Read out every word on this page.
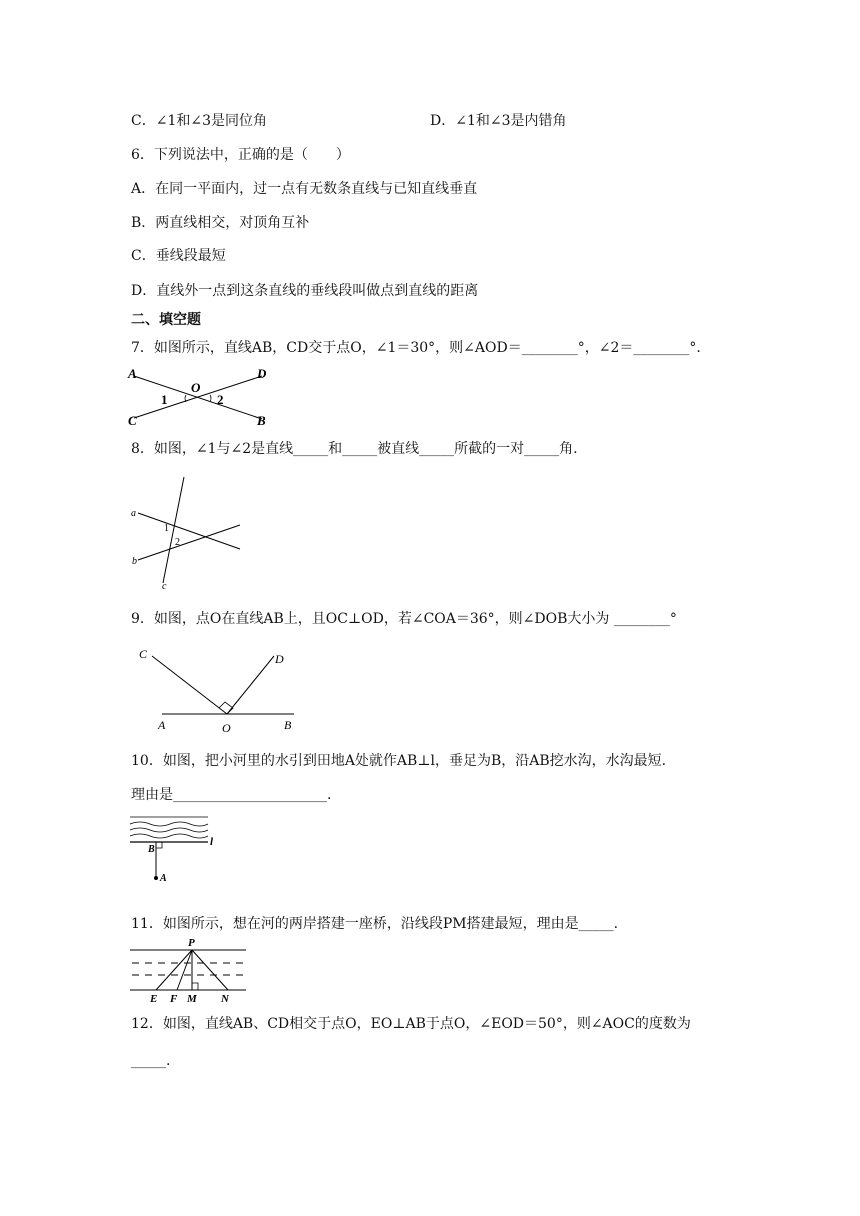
C．∠1和∠3是同位角	D．∠1和∠3是内错角
6．下列说法中，正确的是（　　）
A．在同一平面内，过一点有无数条直线与已知直线垂直
B．两直线相交，对顶角互补
C．垂线段最短
D．直线外一点到这条直线的垂线段叫做点到直线的距离
二、填空题
7．如图所示，直线AB，CD交于点O，∠1＝30°，则∠AOD＝________°，∠2＝________°.
A	D
O
1	2
C	B
8．如图，∠1与∠2是直线_____和_____被直线_____所截的一对_____角.
a
b
c
1
2
9．如图，点O在直线AB上，且OC⊥OD，若∠COA＝36°，则∠DOB大小为 ________°
C	D
A	O	B
10．如图，把小河里的水引到田地A处就作AB⊥l，垂足为B，沿AB挖水沟，水沟最短.
理由是______________________.
B
l
A
11．如图所示，想在河的两岸搭建一座桥，沿线段PM搭建最短，理由是_____.
P
E F M N
12．如图，直线AB、CD相交于点O，EO⊥AB于点O，∠EOD＝50°，则∠AOC的度数为
_____.
